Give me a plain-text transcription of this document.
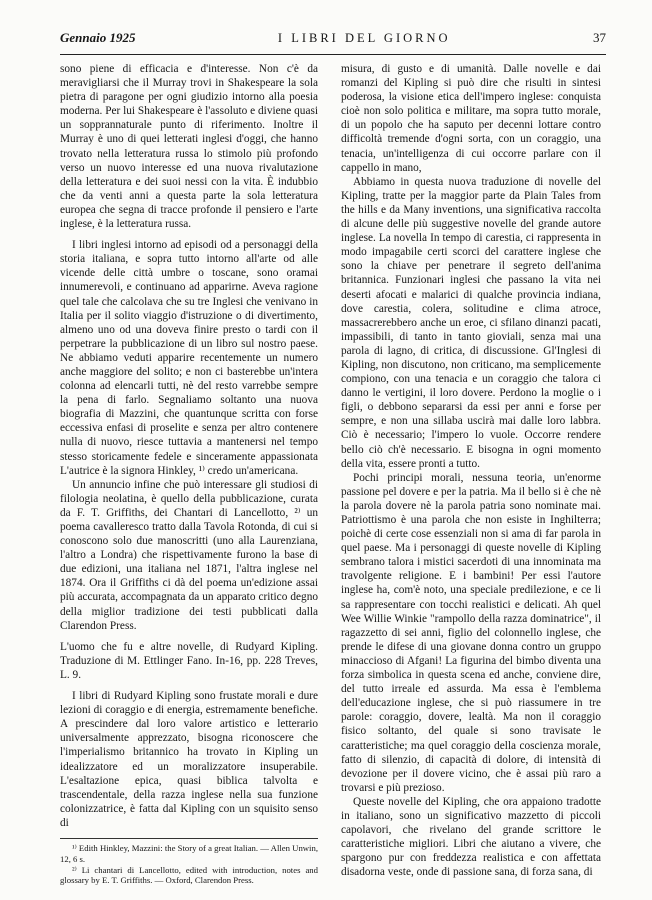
Gennaio 1925	I LIBRI DEL GIORNO	37

sono piene di efficacia e d'interesse. Non c'è da meravigliarsi che il Murray trovi in Shakespeare la sola pietra di paragone per ogni giudizio intorno alla poesia moderna. Per lui Shakespeare è l'assoluto e diviene quasi un sopprannaturale punto di riferimento. Inoltre il Murray è uno di quei letterati inglesi d'oggi, che hanno trovato nella letteratura russa lo stimolo più profondo verso un nuovo interesse ed una nuova rivalutazione della letteratura e dei suoi nessi con la vita. È indubbio che da venti anni a questa parte la sola letteratura europea che segna di tracce profonde il pensiero e l'arte inglese, è la letteratura russa.

I libri inglesi intorno ad episodi od a personaggi della storia italiana, e sopra tutto intorno all'arte od alle vicende delle città umbre o toscane, sono oramai innumerevoli, e continuano ad apparirne. Aveva ragione quel tale che calcolava che su tre Inglesi che venivano in Italia per il solito viaggio d'istruzione o di divertimento, almeno uno od una doveva finire presto o tardi con il perpetrare la pubblicazione di un libro sul nostro paese. Ne abbiamo veduti apparire recentemente un numero anche maggiore del solito; e non ci basterebbe un'intera colonna ad elencarli tutti, nè del resto varrebbe sempre la pena di farlo. Segnaliamo soltanto una nuova biografia di Mazzini, che quantunque scritta con forse eccessiva enfasi di proselite e senza per altro contenere nulla di nuovo, riesce tuttavia a mantenersi nel tempo stesso storicamente fedele e sinceramente appassionata L'autrice è la signora Hinkley, ¹⁾ credo un'americana.

Un annuncio infine che può interessare gli studiosi di filologia neolatina, è quello della pubblicazione, curata da F. T. Griffiths, dei Chantari di Lancellotto, ²⁾ un poema cavalleresco tratto dalla Tavola Rotonda, di cui si conoscono solo due manoscritti (uno alla Laurenziana, l'altro a Londra) che rispettivamente furono la base di due edizioni, una italiana nel 1871, l'altra inglese nel 1874. Ora il Griffiths ci dà del poema un'edizione assai più accurata, accompagnata da un apparato critico degno della miglior tradizione dei testi pubblicati dalla Clarendon Press.

L'uomo che fu e altre novelle, di Rudyard Kipling. Traduzione di M. Ettlinger Fano. In-16, pp. 228 Treves, L. 9.

I libri di Rudyard Kipling sono frustate morali e dure lezioni di coraggio e di energia, estremamente benefiche. A prescindere dal loro valore artistico e letterario universalmente apprezzato, bisogna riconoscere che l'imperialismo britannico ha trovato in Kipling un idealizzatore ed un moralizzatore insuperabile. L'esaltazione epica, quasi biblica talvolta e trascendentale, della razza inglese nella sua funzione colonizzatrice, è fatta dal Kipling con un squisito senso di

¹⁾ Edith Hinkley, Mazzini: the Story of a great Italian. — Allen Unwin, 12, 6 s.

²⁾ Li chantari di Lancellotto, edited with introduction, notes and glossary by E. T. Griffiths. — Oxford, Clarendon Press.

misura, di gusto e di umanità. Dalle novelle e dai romanzi del Kipling si può dire che risulti in sintesi poderosa, la visione etica dell'impero inglese: conquista cioè non solo politica e militare, ma sopra tutto morale, di un popolo che ha saputo per decenni lottare contro difficoltà tremende d'ogni sorta, con un coraggio, una tenacia, un'intelligenza di cui occorre parlare con il cappello in mano,

Abbiamo in questa nuova traduzione di novelle del Kipling, tratte per la maggior parte da Plain Tales from the hills e da Many inventions, una significativa raccolta di alcune delle più suggestive novelle del grande autore inglese. La novella In tempo di carestia, ci rappresenta in modo impagabile certi scorci del carattere inglese che sono la chiave per penetrare il segreto dell'anima britannica. Funzionari inglesi che passano la vita nei deserti afocati e malarici di qualche provincia indiana, dove carestia, colera, solitudine e clima atroce, massacrerebbero anche un eroe, ci sfilano dinanzi pacati, impassibili, di tanto in tanto gioviali, senza mai una parola di lagno, di critica, di discussione. Gl'Inglesi di Kipling, non discutono, non criticano, ma semplicemente compiono, con una tenacia e un coraggio che talora ci danno le vertigini, il loro dovere. Perdono la moglie o i figli, o debbono separarsi da essi per anni e forse per sempre, e non una sillaba uscirà mai dalle loro labbra. Ciò è necessario; l'impero lo vuole. Occorre rendere bello ciò ch'è necessario. E bisogna in ogni momento della vita, essere pronti a tutto.

Pochi principi morali, nessuna teoria, un'enorme passione pel dovere e per la patria. Ma il bello si è che nè la parola dovere nè la parola patria sono nominate mai. Patriottismo è una parola che non esiste in Inghilterra; poichè di certe cose essenziali non si ama di far parola in quel paese. Ma i personaggi di queste novelle di Kipling sembrano talora i mistici sacerdoti di una innominata ma travolgente religione. E i bambini! Per essi l'autore inglese ha, com'è noto, una speciale predilezione, e ce li sa rappresentare con tocchi realistici e delicati. Ah quel Wee Willie Winkie "rampollo della razza dominatrice", il ragazzetto di sei anni, figlio del colonnello inglese, che prende le difese di una giovane donna contro un gruppo minaccioso di Afgani! La figurina del bimbo diventa una forza simbolica in questa scena ed anche, conviene dire, del tutto irreale ed assurda. Ma essa è l'emblema dell'educazione inglese, che si può riassumere in tre parole: coraggio, dovere, lealtà. Ma non il coraggio fisico soltanto, del quale si sono travisate le caratteristiche; ma quel coraggio della coscienza morale, fatto di silenzio, di capacità di dolore, di intensità di devozione per il dovere vicino, che è assai più raro a trovarsi e più prezioso.

Queste novelle del Kipling, che ora appaiono tradotte in italiano, sono un significativo mazzetto di piccoli capolavori, che rivelano del grande scrittore le caratteristiche migliori. Libri che aiutano a vivere, che spargono pur con freddezza realistica e con affettata disadorna veste, onde di passione sana, di forza sana, di
